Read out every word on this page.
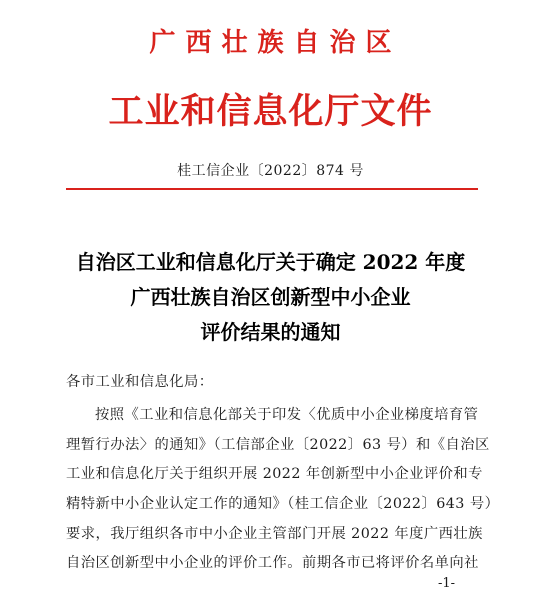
广西壮族自治区
工业和信息化厅文件
桂工信企业〔2022〕874 号
自治区工业和信息化厅关于确定 2022 年度
广西壮族自治区创新型中小企业
评价结果的通知
各市工业和信息化局：
按照《工业和信息化部关于印发〈优质中小企业梯度培育管
理暂行办法〉的通知》（工信部企业〔2022〕63 号）和《自治区
工业和信息化厅关于组织开展 2022 年创新型中小企业评价和专
精特新中小企业认定工作的通知》（桂工信企业〔2022〕643 号）
要求，我厅组织各市中小企业主管部门开展 2022 年度广西壮族
自治区创新型中小企业的评价工作。前期各市已将评价名单向社
-1-
